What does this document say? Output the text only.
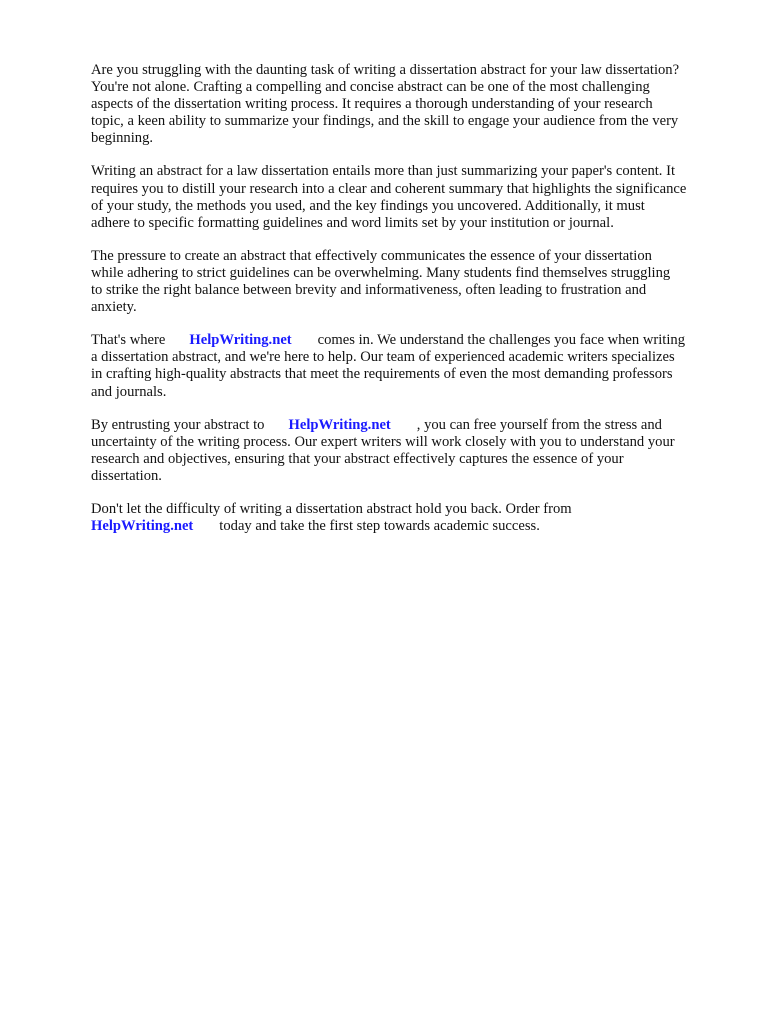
Are you struggling with the daunting task of writing a dissertation abstract for your law dissertation?
You're not alone. Crafting a compelling and concise abstract can be one of the most challenging
aspects of the dissertation writing process. It requires a thorough understanding of your research
topic, a keen ability to summarize your findings, and the skill to engage your audience from the very
beginning.

Writing an abstract for a law dissertation entails more than just summarizing your paper's content. It
requires you to distill your research into a clear and coherent summary that highlights the significance
of your study, the methods you used, and the key findings you uncovered. Additionally, it must
adhere to specific formatting guidelines and word limits set by your institution or journal.

The pressure to create an abstract that effectively communicates the essence of your dissertation
while adhering to strict guidelines can be overwhelming. Many students find themselves struggling
to strike the right balance between brevity and informativeness, often leading to frustration and
anxiety.

That's where HelpWriting.net comes in. We understand the challenges you face when writing
a dissertation abstract, and we're here to help. Our team of experienced academic writers specializes
in crafting high-quality abstracts that meet the requirements of even the most demanding professors
and journals.

By entrusting your abstract to HelpWriting.net , you can free yourself from the stress and
uncertainty of the writing process. Our expert writers will work closely with you to understand your
research and objectives, ensuring that your abstract effectively captures the essence of your
dissertation.

Don't let the difficulty of writing a dissertation abstract hold you back. Order from
HelpWriting.net today and take the first step towards academic success.
